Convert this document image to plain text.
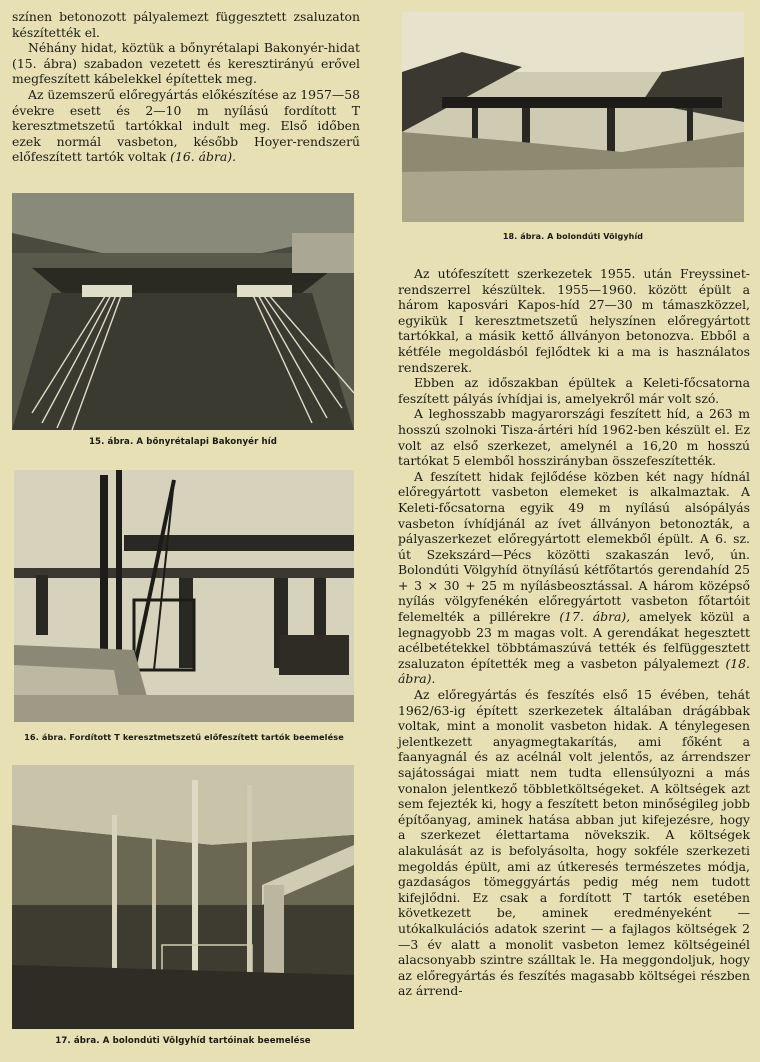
színen betonozott pályalemezt függesztett zsaluzaton készítették el.

Néhány hidat, köztük a bőnyrétalapi Bakonyér-hidat (15. ábra) szabadon vezetett és keresztirányú erővel megfeszített kábelekkel építettek meg.

Az üzemszerű előregyártás előkészítése az 1957—58 évekre esett és 2—10 m nyílású fordított T keresztmetszetű tartókkal indult meg. Első időben ezek normál vasbeton, később Hoyer-rendszerű előfeszített tartók voltak (16. ábra).

15. ábra. A bőnyrétalapi Bakonyér híd
16. ábra. Fordított T keresztmetszetű előfeszített tartók beemelése
17. ábra. A bolondúti Völgyhíd tartóinak beemelése
18. ábra. A bolondúti Völgyhíd

Az utófeszített szerkezetek 1955. után Freyssinet-rendszerrel készültek. 1955—1960. között épült a három kaposvári Kapos-híd 27—30 m támaszközzel, egyikük I keresztmetszetű helyszínen előregyártott tartókkal, a másik kettő állványon betonozva. Ebből a kétféle megoldásból fejlődtek ki a ma is használatos rendszerek.

Ebben az időszakban épültek a Keleti-főcsatorna feszített pályás ívhídjai is, amelyekről már volt szó.

A leghosszabb magyarországi feszített híd, a 263 m hosszú szolnoki Tisza-ártéri híd 1962-ben készült el. Ez volt az első szerkezet, amelynél a 16,20 m hosszú tartókat 5 elemből hosszirányban összefeszítették.

A feszített hidak fejlődése közben két nagy hídnál előregyártott vasbeton elemeket is alkalmaztak. A Keleti-főcsatorna egyik 49 m nyílású alsópályás vasbeton ívhídjánál az ívet állványon betonozták, a pályaszerkezet előregyártott elemekből épült. A 6. sz. út Szekszárd—Pécs közötti szakaszán levő, ún. Bolondúti Völgyhíd ötnyílású kétfőtartós gerendahíd 25 + 3 × 30 + 25 m nyílásbeosztással. A három középső nyílás völgyfenékén előregyártott vasbeton főtartóit felemelték a pillérekre (17. ábra), amelyek közül a legnagyobb 23 m magas volt. A gerendákat hegesztett acélbetétekkel többtámaszúvá tették és felfüggesztett zsaluzaton építették meg a vasbeton pályalemezt (18. ábra).

Az előregyártás és feszítés első 15 évében, tehát 1962/63-ig épített szerkezetek általában drágábbak voltak, mint a monolit vasbeton hidak. A ténylegesen jelentkezett anyagmegtakarítás, ami főként a faanyagnál és az acélnál volt jelentős, az árrendszer sajátosságai miatt nem tudta ellensúlyozni a más vonalon jelentkező többletköltségeket. A költségek azt sem fejezték ki, hogy a feszített beton minőségileg jobb építőanyag, aminek hatása abban jut kifejezésre, hogy a szerkezet élettartama növekszik. A költségek alakulását az is befolyásolta, hogy sokféle szerkezeti megoldás épült, ami az útkeresés természetes módja, gazdaságos tömeggyártás pedig még nem tudott kifejlődni. Ez csak a fordított T tartók esetében következett be, aminek eredményeként — utókalkulációs adatok szerint — a fajlagos költségek 2—3 év alatt a monolit vasbeton lemez költségeinél alacsonyabb szintre szálltak le. Ha meggondoljuk, hogy az előregyártás és feszítés magasabb költségei részben az árrend-
